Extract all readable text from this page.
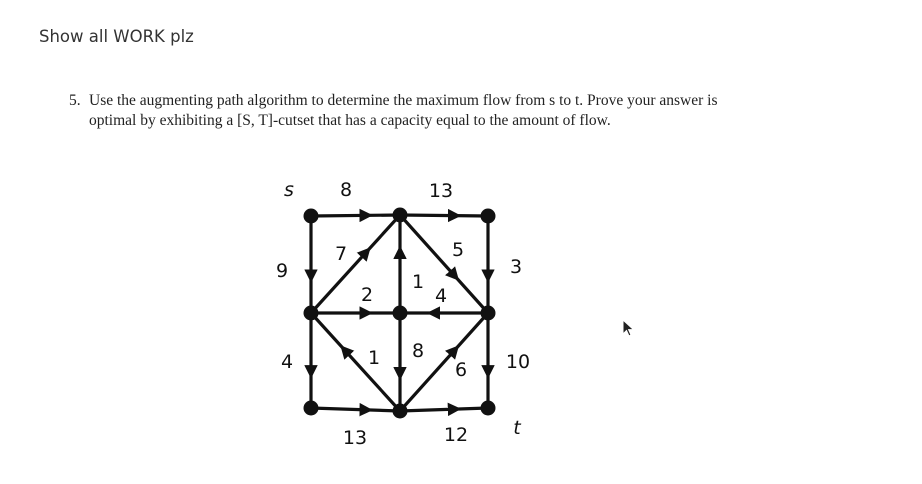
Show all WORK plz
5. Use the augmenting path algorithm to determine the maximum flow from s to t. Prove your answer is
optimal by exhibiting a [S, T]-cutset that has a capacity equal to the amount of flow.
8	13
9
7
2
1
5
4
3
4	1 8
6 10
13	12
s
t
